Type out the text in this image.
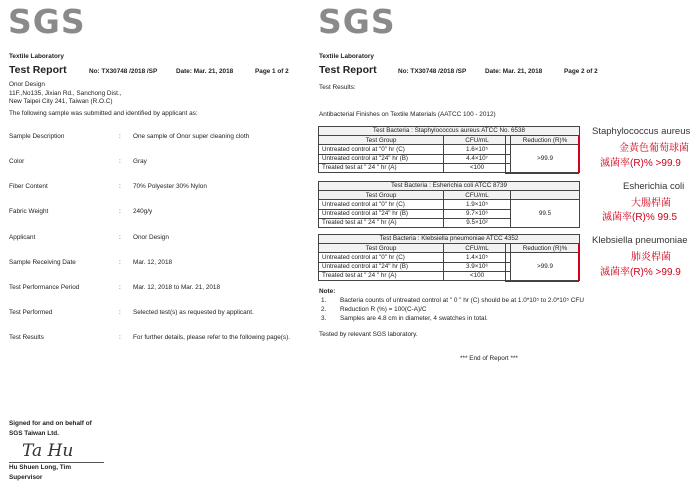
SGS
Textile Laboratory
Test Report	No: TX30748 /2018 /SP	Date: Mar. 21, 2018	Page 1 of 2
Onor Design
11F.,No135, Jixian Rd., Sanchong Dist.,
New Taipei City 241, Taiwan (R.O.C)
The following sample was submitted and identified by applicant as:
Sample Description	: One sample of Onor super cleaning cloth
Color	: Gray
Fiber Content	: 70% Polyester 30% Nylon
Fabric Weight	: 240g/y
Applicant	: Onor Design
Sample Receiving Date	: Mar. 12, 2018
Test Performance Period	: Mar. 12, 2018 to Mar. 21, 2018
Test Performed	: Selected test(s) as requested by applicant.
Test Results	: For further details, please refer to the following page(s).
Signed for and on behalf of
SGS Taiwan Ltd.
Ta Hu
Hu Shuen Long, Tim
Supervisor
SGS
Textile Laboratory
Test Report	No: TX30748 /2018 /SP	Date: Mar. 21, 2018	Page 2 of 2
Test Results:
Antibacterial Finishes on Textile Materials (AATCC 100 - 2012)
Test Bacteria : Staphylococcus aureus ATCC No. 6538		
Test Group	CFU/mL	Reduction (R)%
Untreated control at "0" hr (C)	1.6×10⁵	>99.9
Untreated control at "24" hr (B)	4.4×10⁷	
Treated test at " 24 " hr (A)	<100	
Test Bacteria : Esherichia coli ATCC 8739		
Test Group	CFU/mL	
Untreated control at "0" hr (C)	1.9×10⁵	99.5
Untreated control at "24" hr (B)	9.7×10⁶	
Treated test at " 24 " hr (A)	9.5×10²	
Test Bacteria : Klebsiella pneumoniae ATCC 4352		
Test Group	CFU/mL	Reduction (R)%
Untreated control at "0" hr (C)	1.4×10⁵	>99.9
Untreated control at "24" hr (B)	3.9×10⁶	
Treated test at " 24 " hr (A)	<100	
Note:
1. Bacteria counts of untreated control at " 0 " hr (C) should be at 1.0*10⁵ to 2.0*10⁵ CFU
2. Reduction R (%) = 100(C-A)/C
3. Samples are 4.8 cm in diameter, 4 swatches in total.
Tested by relevant SGS laboratory.
*** End of Report ***
Staphylococcus aureus
金黃色葡萄球菌
滅菌率(R)% >99.9
Esherichia coli
大腸桿菌
滅菌率(R)% 99.5
Klebsiella pneumoniae
肺炎桿菌
滅菌率(R)% >99.9
